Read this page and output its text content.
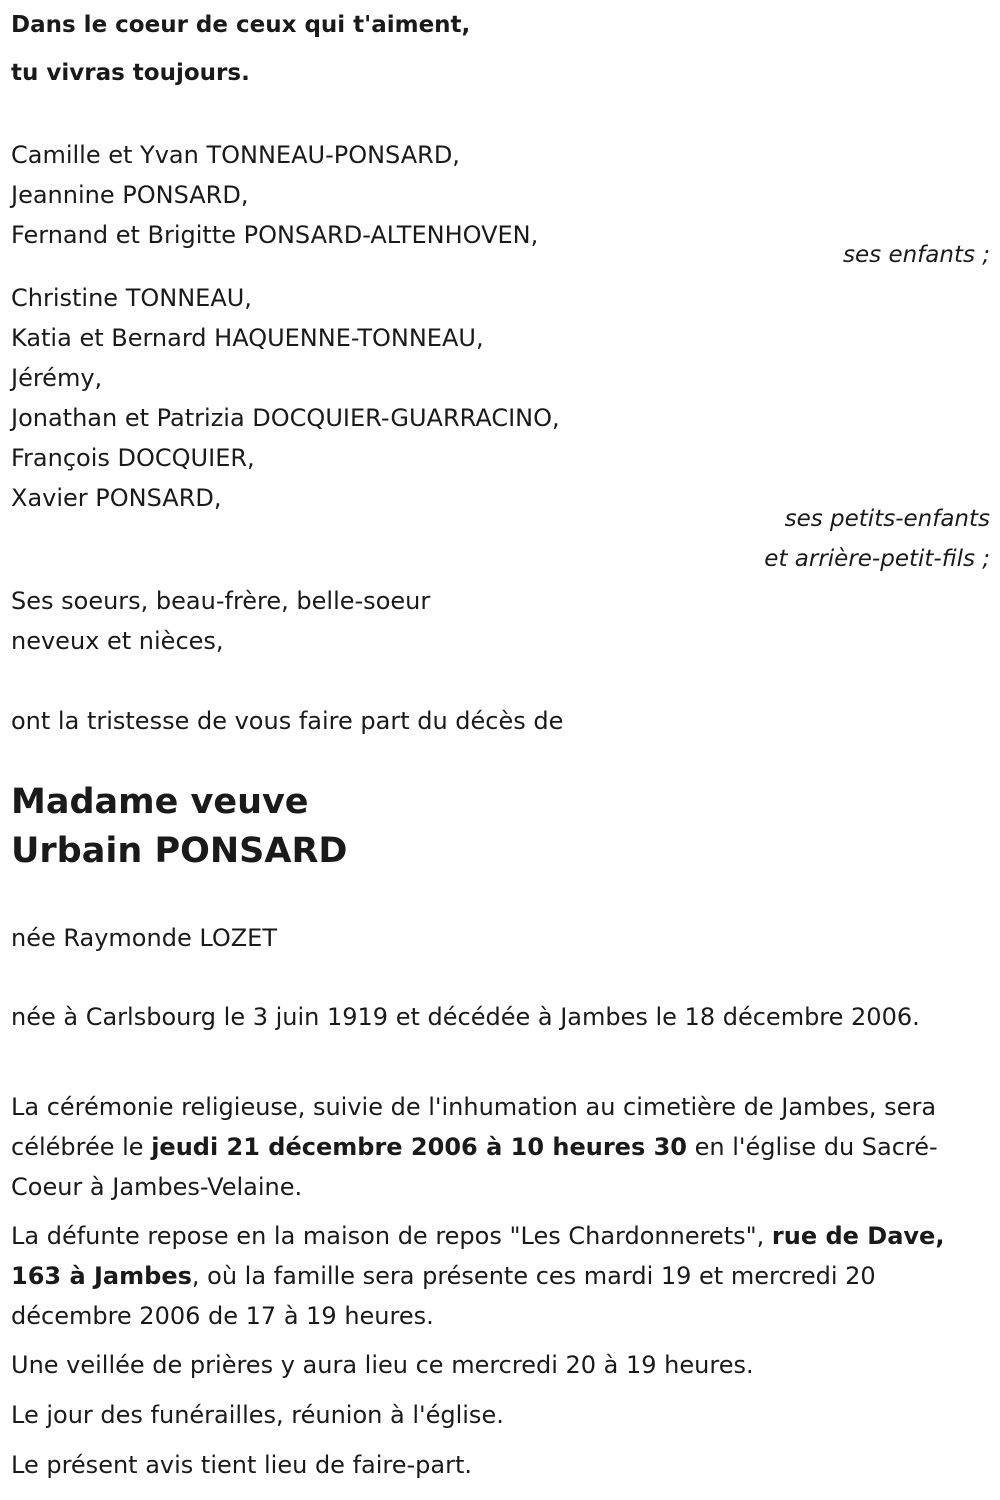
Dans le coeur de ceux qui t'aiment,
tu vivras toujours.
Camille et Yvan TONNEAU-PONSARD,
Jeannine PONSARD,
Fernand et Brigitte PONSARD-ALTENHOVEN,
ses enfants ;
Christine TONNEAU,
Katia et Bernard HAQUENNE-TONNEAU,
Jérémy,
Jonathan et Patrizia DOCQUIER-GUARRACINO,
François DOCQUIER,
Xavier PONSARD,
ses petits-enfants
et arrière-petit-fils ;
Ses soeurs, beau-frère, belle-soeur
neveux et nièces,
ont la tristesse de vous faire part du décès de
Madame veuve
Urbain PONSARD
née Raymonde LOZET
née à Carlsbourg le 3 juin 1919 et décédée à Jambes le 18 décembre 2006.
La cérémonie religieuse, suivie de l'inhumation au cimetière de Jambes, sera célébrée le jeudi 21 décembre 2006 à 10 heures 30 en l'église du Sacré-Coeur à Jambes-Velaine.
La défunte repose en la maison de repos "Les Chardonnerets", rue de Dave, 163 à Jambes, où la famille sera présente ces mardi 19 et mercredi 20 décembre 2006 de 17 à 19 heures.
Une veillée de prières y aura lieu ce mercredi 20 à 19 heures.
Le jour des funérailles, réunion à l'église.
Le présent avis tient lieu de faire-part.
